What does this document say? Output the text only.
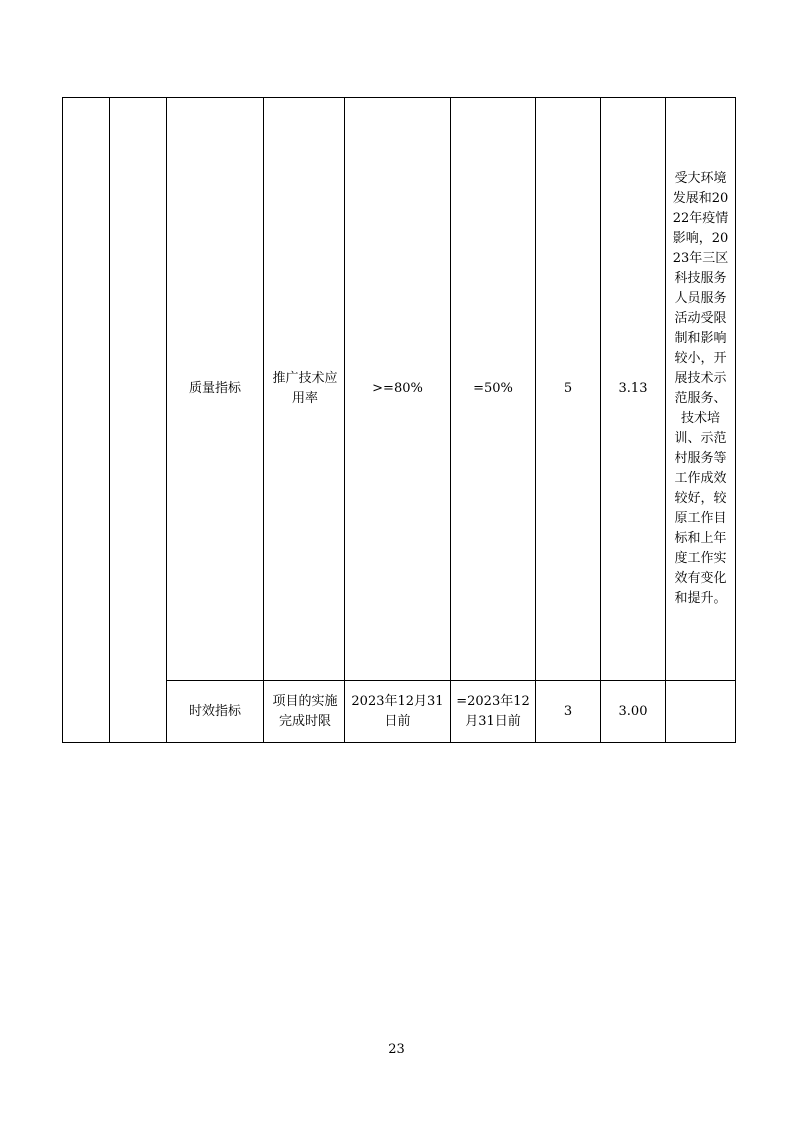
		质量指标	推广技术应用率	>=80%	=50%	5	3.13	受大环境发展和2022年疫情影响，2023年三区科技服务人员服务活动受限制和影响较小，开展技术示范服务、技术培训、示范村服务等工作成效较好，较原工作目标和上年度工作实效有变化和提升。
		时效指标	项目的实施完成时限	2023年12月31日前	=2023年12月31日前	3	3.00	
23
